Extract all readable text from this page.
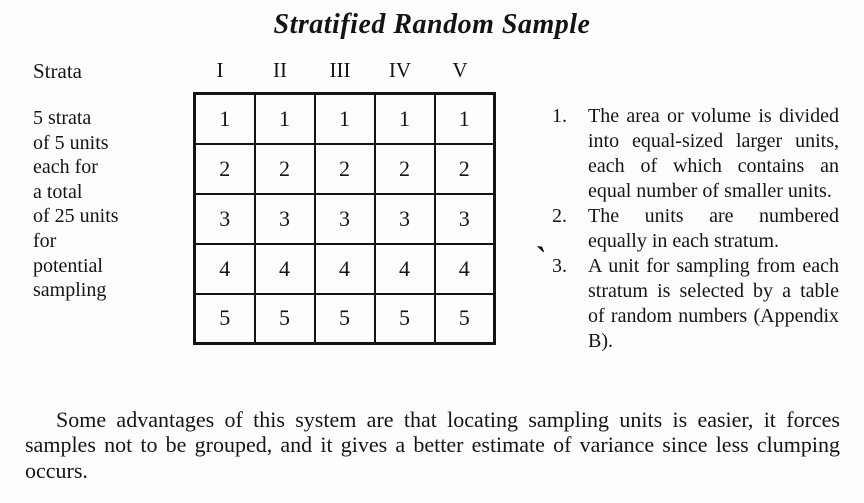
Stratified Random Sample
Strata
5 strata
of 5 units
each for
a total
of 25 units
for
potential
sampling
I	II	III	IV	V
1	1	1	1	1
2	2	2	2	2
3	3	3	3	3
4	4	4	4	4
5	5	5	5	5
`
1.	The area or volume is divided into equal-sized larger units, each of which contains an equal number of smaller units.
2.	The units are numbered equally in each stratum.
3.	A unit for sampling from each stratum is selected by a table of random numbers (Appendix B).
Some advantages of this system are that locating sampling units is easier, it forces samples not to be grouped, and it gives a better estimate of variance since less clumping occurs.
